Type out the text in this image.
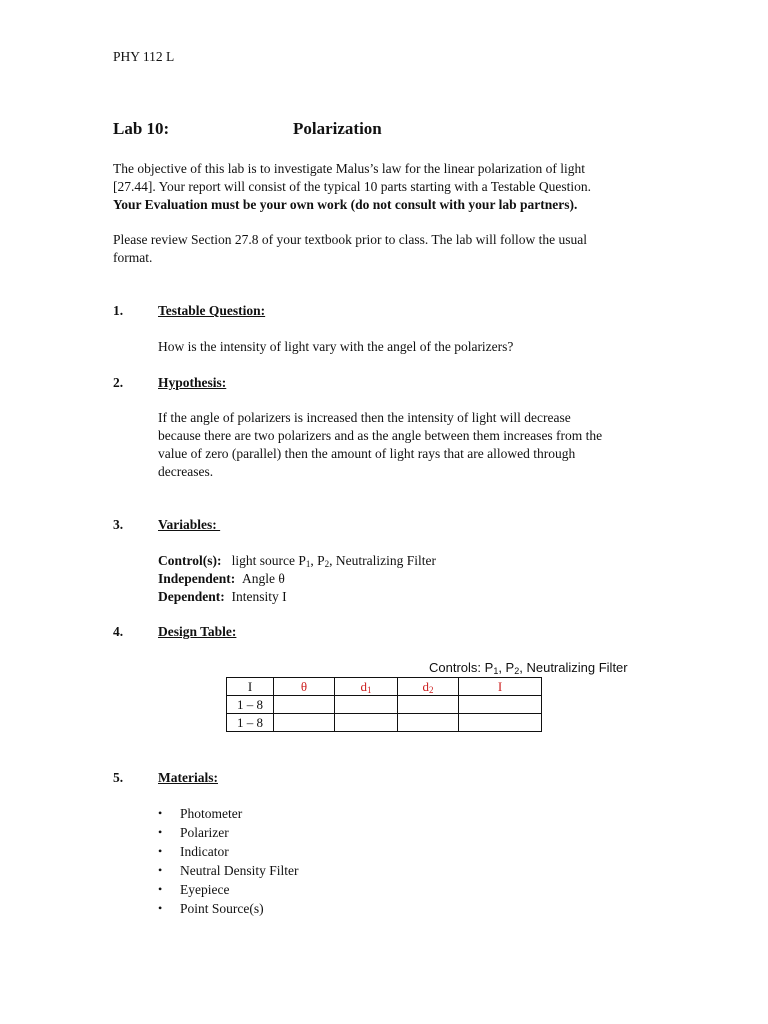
PHY 112 L
Lab 10:	Polarization
The objective of this lab is to investigate Malus’s law for the linear polarization of light
[27.44]. Your report will consist of the typical 10 parts starting with a Testable Question.
Your Evaluation must be your own work (do not consult with your lab partners).
Please review Section 27.8 of your textbook prior to class. The lab will follow the usual
format.
1.	Testable Question:
How is the intensity of light vary with the angel of the polarizers?
2.	Hypothesis:
If the angle of polarizers is increased then the intensity of light will decrease
because there are two polarizers and as the angle between them increases from the
value of zero (parallel) then the amount of light rays that are allowed through
decreases.
3.	Variables:
Control(s): light source $P_1$, $P_2$, Neutralizing Filter
Independent: Angle θ
Dependent: Intensity I
4.	Design Table:
Controls: $P_1$, $P_2$, Neutralizing Filter
I	θ	$d_1$	$d_2$	I
1 – 8				
1 – 8				
5.	Materials:
• Photometer
• Polarizer
• Indicator
• Neutral Density Filter
• Eyepiece
• Point Source(s)
